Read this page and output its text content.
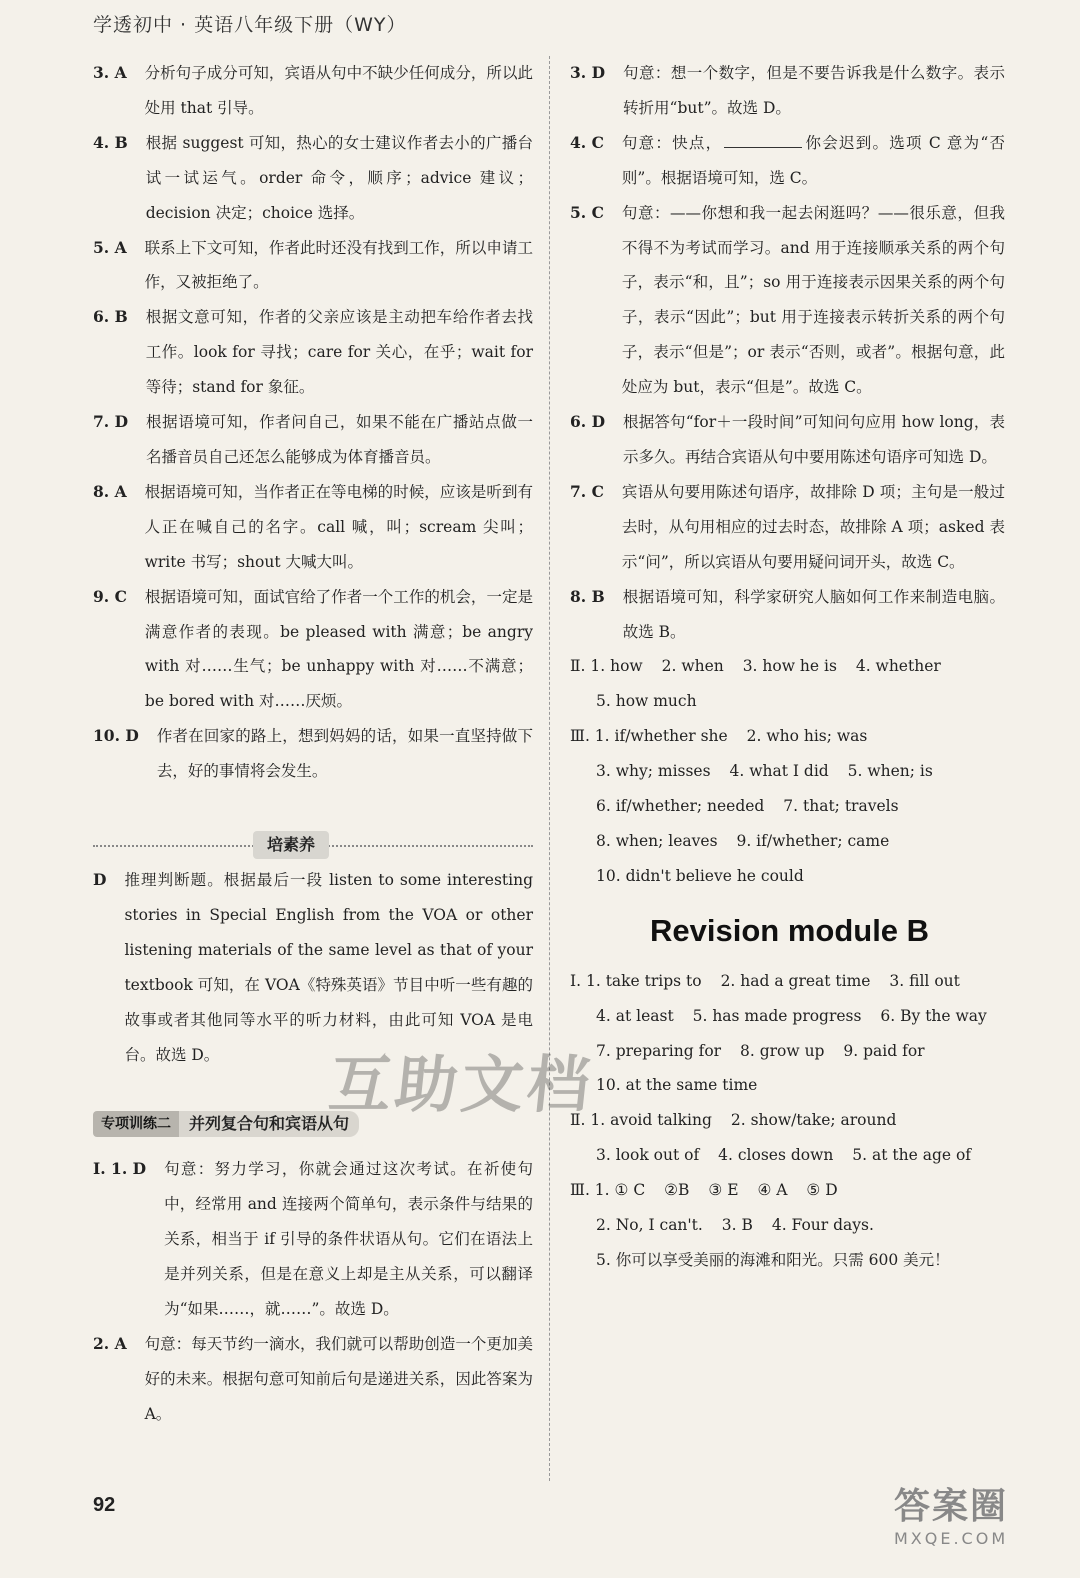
学透初中 · 英语八年级下册（WY）
3. A 分析句子成分可知，宾语从句中不缺少任何成分，所以此处用 that 引导。
4. B 根据 suggest 可知，热心的女士建议作者去小的广播台试一试运气。order 命令，顺序；advice 建议；decision 决定；choice 选择。
5. A 联系上下文可知，作者此时还没有找到工作，所以申请工作，又被拒绝了。
6. B 根据文意可知，作者的父亲应该是主动把车给作者去找工作。look for 寻找；care for 关心，在乎；wait for 等待；stand for 象征。
7. D 根据语境可知，作者问自己，如果不能在广播站点做一名播音员自己还怎么能够成为体育播音员。
8. A 根据语境可知，当作者正在等电梯的时候，应该是听到有人正在喊自己的名字。call 喊，叫；scream 尖叫；write 书写；shout 大喊大叫。
9. C 根据语境可知，面试官给了作者一个工作的机会，一定是满意作者的表现。be pleased with 满意；be angry with 对……生气；be unhappy with 对……不满意；be bored with 对……厌烦。
10. D 作者在回家的路上，想到妈妈的话，如果一直坚持做下去，好的事情将会发生。
培素养
D 推理判断题。根据最后一段 listen to some interesting stories in Special English from the VOA or other listening materials of the same level as that of your textbook 可知，在 VOA《特殊英语》节目中听一些有趣的故事或者其他同等水平的听力材料，由此可知 VOA 是电台。故选 D。
专项训练二	并列复合句和宾语从句
Ⅰ. 1. D 句意：努力学习，你就会通过这次考试。在祈使句中，经常用 and 连接两个简单句，表示条件与结果的关系，相当于 if 引导的条件状语从句。它们在语法上是并列关系，但是在意义上却是主从关系，可以翻译为“如果……，就……”。故选 D。
2. A 句意：每天节约一滴水，我们就可以帮助创造一个更加美好的未来。根据句意可知前后句是递进关系，因此答案为 A。
3. D 句意：想一个数字，但是不要告诉我是什么数字。表示转折用“but”。故选 D。
4. C 句意：快点，	你会迟到。选项 C 意为“否则”。根据语境可知，选 C。
5. C 句意：——你想和我一起去闲逛吗？——很乐意，但我不得不为考试而学习。and 用于连接顺承关系的两个句子，表示“和，且”；so 用于连接表示因果关系的两个句子，表示“因此”；but 用于连接表示转折关系的两个句子，表示“但是”；or 表示“否则，或者”。根据句意，此处应为 but，表示“但是”。故选 C。
6. D 根据答句“for＋一段时间”可知问句应用 how long，表示多久。再结合宾语从句中要用陈述句语序可知选 D。
7. C 宾语从句要用陈述句语序，故排除 D 项；主句是一般过去时，从句用相应的过去时态，故排除 A 项；asked 表示“问”，所以宾语从句要用疑问词开头，故选 C。
8. B 根据语境可知，科学家研究人脑如何工作来制造电脑。故选 B。
Ⅱ. 1. how 2. when 3. how he is 4. whether
5. how much
Ⅲ. 1. if/whether she 2. who his; was
3. why; misses 4. what I did 5. when; is
6. if/whether; needed 7. that; travels
8. when; leaves 9. if/whether; came
10. didn't believe he could
Revision module B
Ⅰ. 1. take trips to 2. had a great time 3. fill out
4. at least 5. has made progress 6. By the way
7. preparing for 8. grow up 9. paid for
10. at the same time
Ⅱ. 1. avoid talking 2. show/take; around
3. look out of 4. closes down 5. at the age of
Ⅲ. 1. ① C ②B ③ E ④ A ⑤ D
2. No, I can't. 3. B 4. Four days.
5. 你可以享受美丽的海滩和阳光。只需 600 美元！
互助文档
92	答案圈
MXQE.COM
